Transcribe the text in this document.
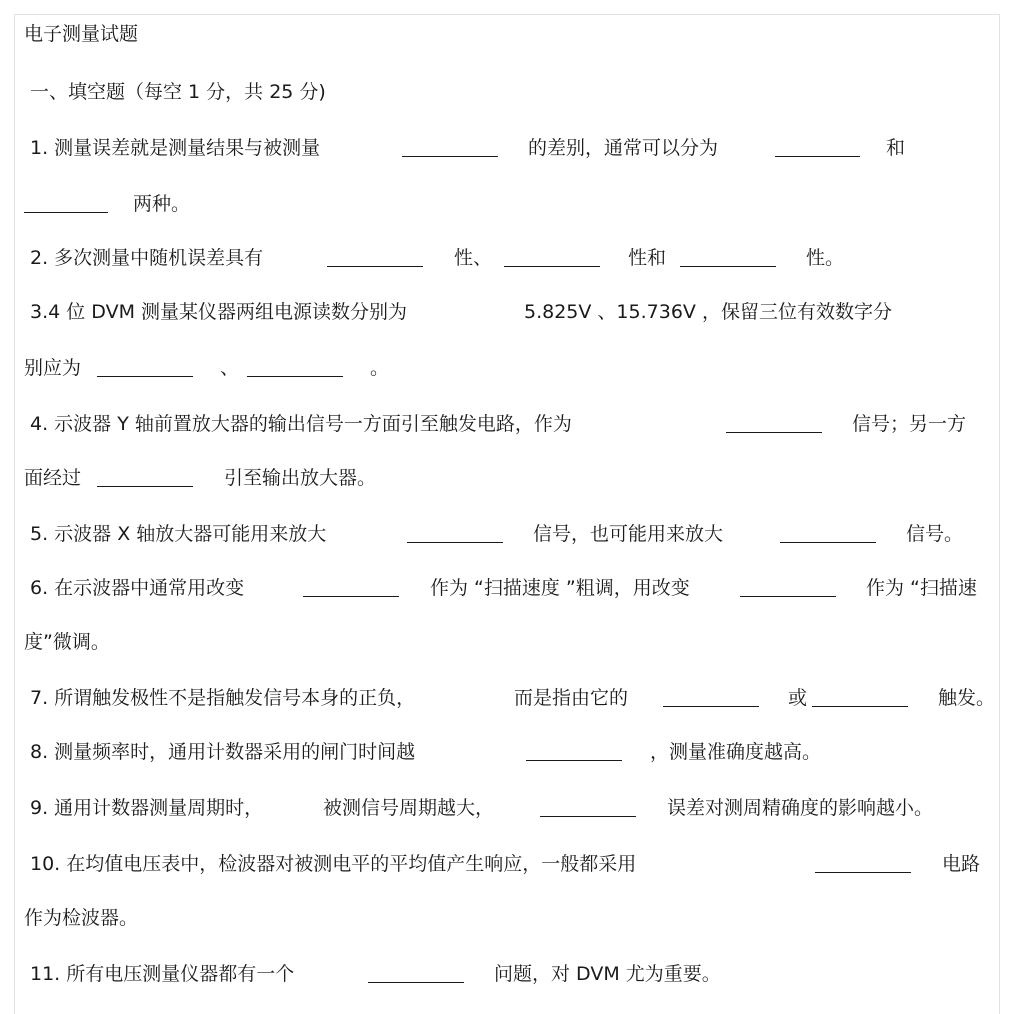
电子测量试题
一、填空题（每空 1 分，共 25 分)
1. 测量误差就是测量结果与被测量	的差别，通常可以分为	和
两种。
2. 多次测量中随机误差具有	性、	性和	性。
3.4 位 DVM 测量某仪器两组电源读数分别为	5.825V 、15.736V ，保留三位有效数字分
别应为	、	。
4. 示波器 Y 轴前置放大器的输出信号一方面引至触发电路，作为	信号；另一方
面经过	引至输出放大器。
5. 示波器 X 轴放大器可能用来放大	信号，也可能用来放大	信号。
6. 在示波器中通常用改变	作为 “扫描速度 ”粗调，用改变	作为 “扫描速
度”微调。
7. 所谓触发极性不是指触发信号本身的正负，	而是指由它的	或	触发。
8. 测量频率时，通用计数器采用的闸门时间越	，测量准确度越高。
9. 通用计数器测量周期时，	被测信号周期越大，	误差对测周精确度的影响越小。
10. 在均值电压表中，检波器对被测电平的平均值产生响应，一般都采用	电路
作为检波器。
11. 所有电压测量仪器都有一个	问题，对 DVM 尤为重要。
